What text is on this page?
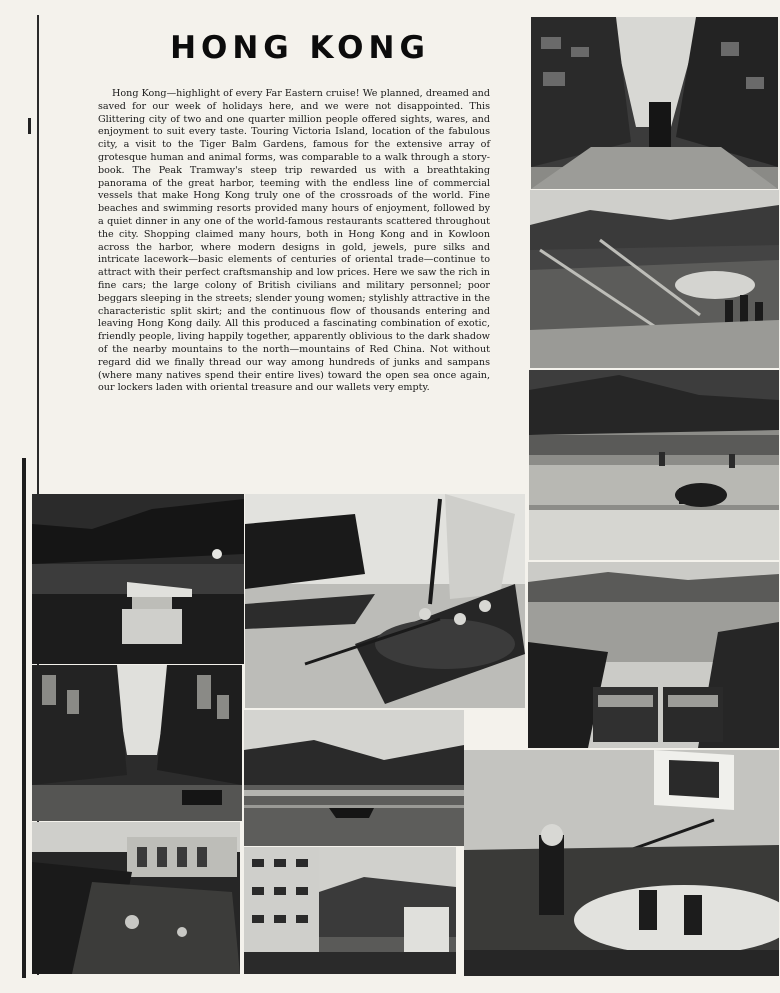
HONG KONG

Hong Kong—highlight of every Far Eastern cruise! We planned, dreamed and saved for our week of holidays here, and we were not disappointed. This Glittering city of two and one quarter million people offered sights, wares, and enjoyment to suit every taste. Touring Victoria Island, location of the fabulous city, a visit to the Tiger Balm Gardens, famous for the extensive array of grotesque human and animal forms, was comparable to a walk through a story-book. The Peak Tramway's steep trip rewarded us with a breathtaking panorama of the great harbor, teeming with the endless line of commercial vessels that make Hong Kong truly one of the crossroads of the world. Fine beaches and swimming resorts provided many hours of enjoyment, followed by a quiet dinner in any one of the world-famous restaurants scattered throughout the city. Shopping claimed many hours, both in Hong Kong and in Kowloon across the harbor, where modern designs in gold, jewels, pure silks and intricate lacework—basic elements of centuries of oriental trade—continue to attract with their perfect craftsmanship and low prices. Here we saw the rich in fine cars; the large colony of British civilians and military personnel; poor beggars sleeping in the streets; slender young women; stylishly attractive in the characteristic split skirt; and the continuous flow of thousands entering and leaving Hong Kong daily. All this produced a fascinating combination of exotic, friendly people, living happily together, apparently oblivious to the dark shadow of the nearby mountains to the north—mountains of Red China. Not without regard did we finally thread our way among hundreds of junks and sampans (where many natives spend their entire lives) toward the open sea once again, our lockers laden with oriental treasure and our wallets very empty.
